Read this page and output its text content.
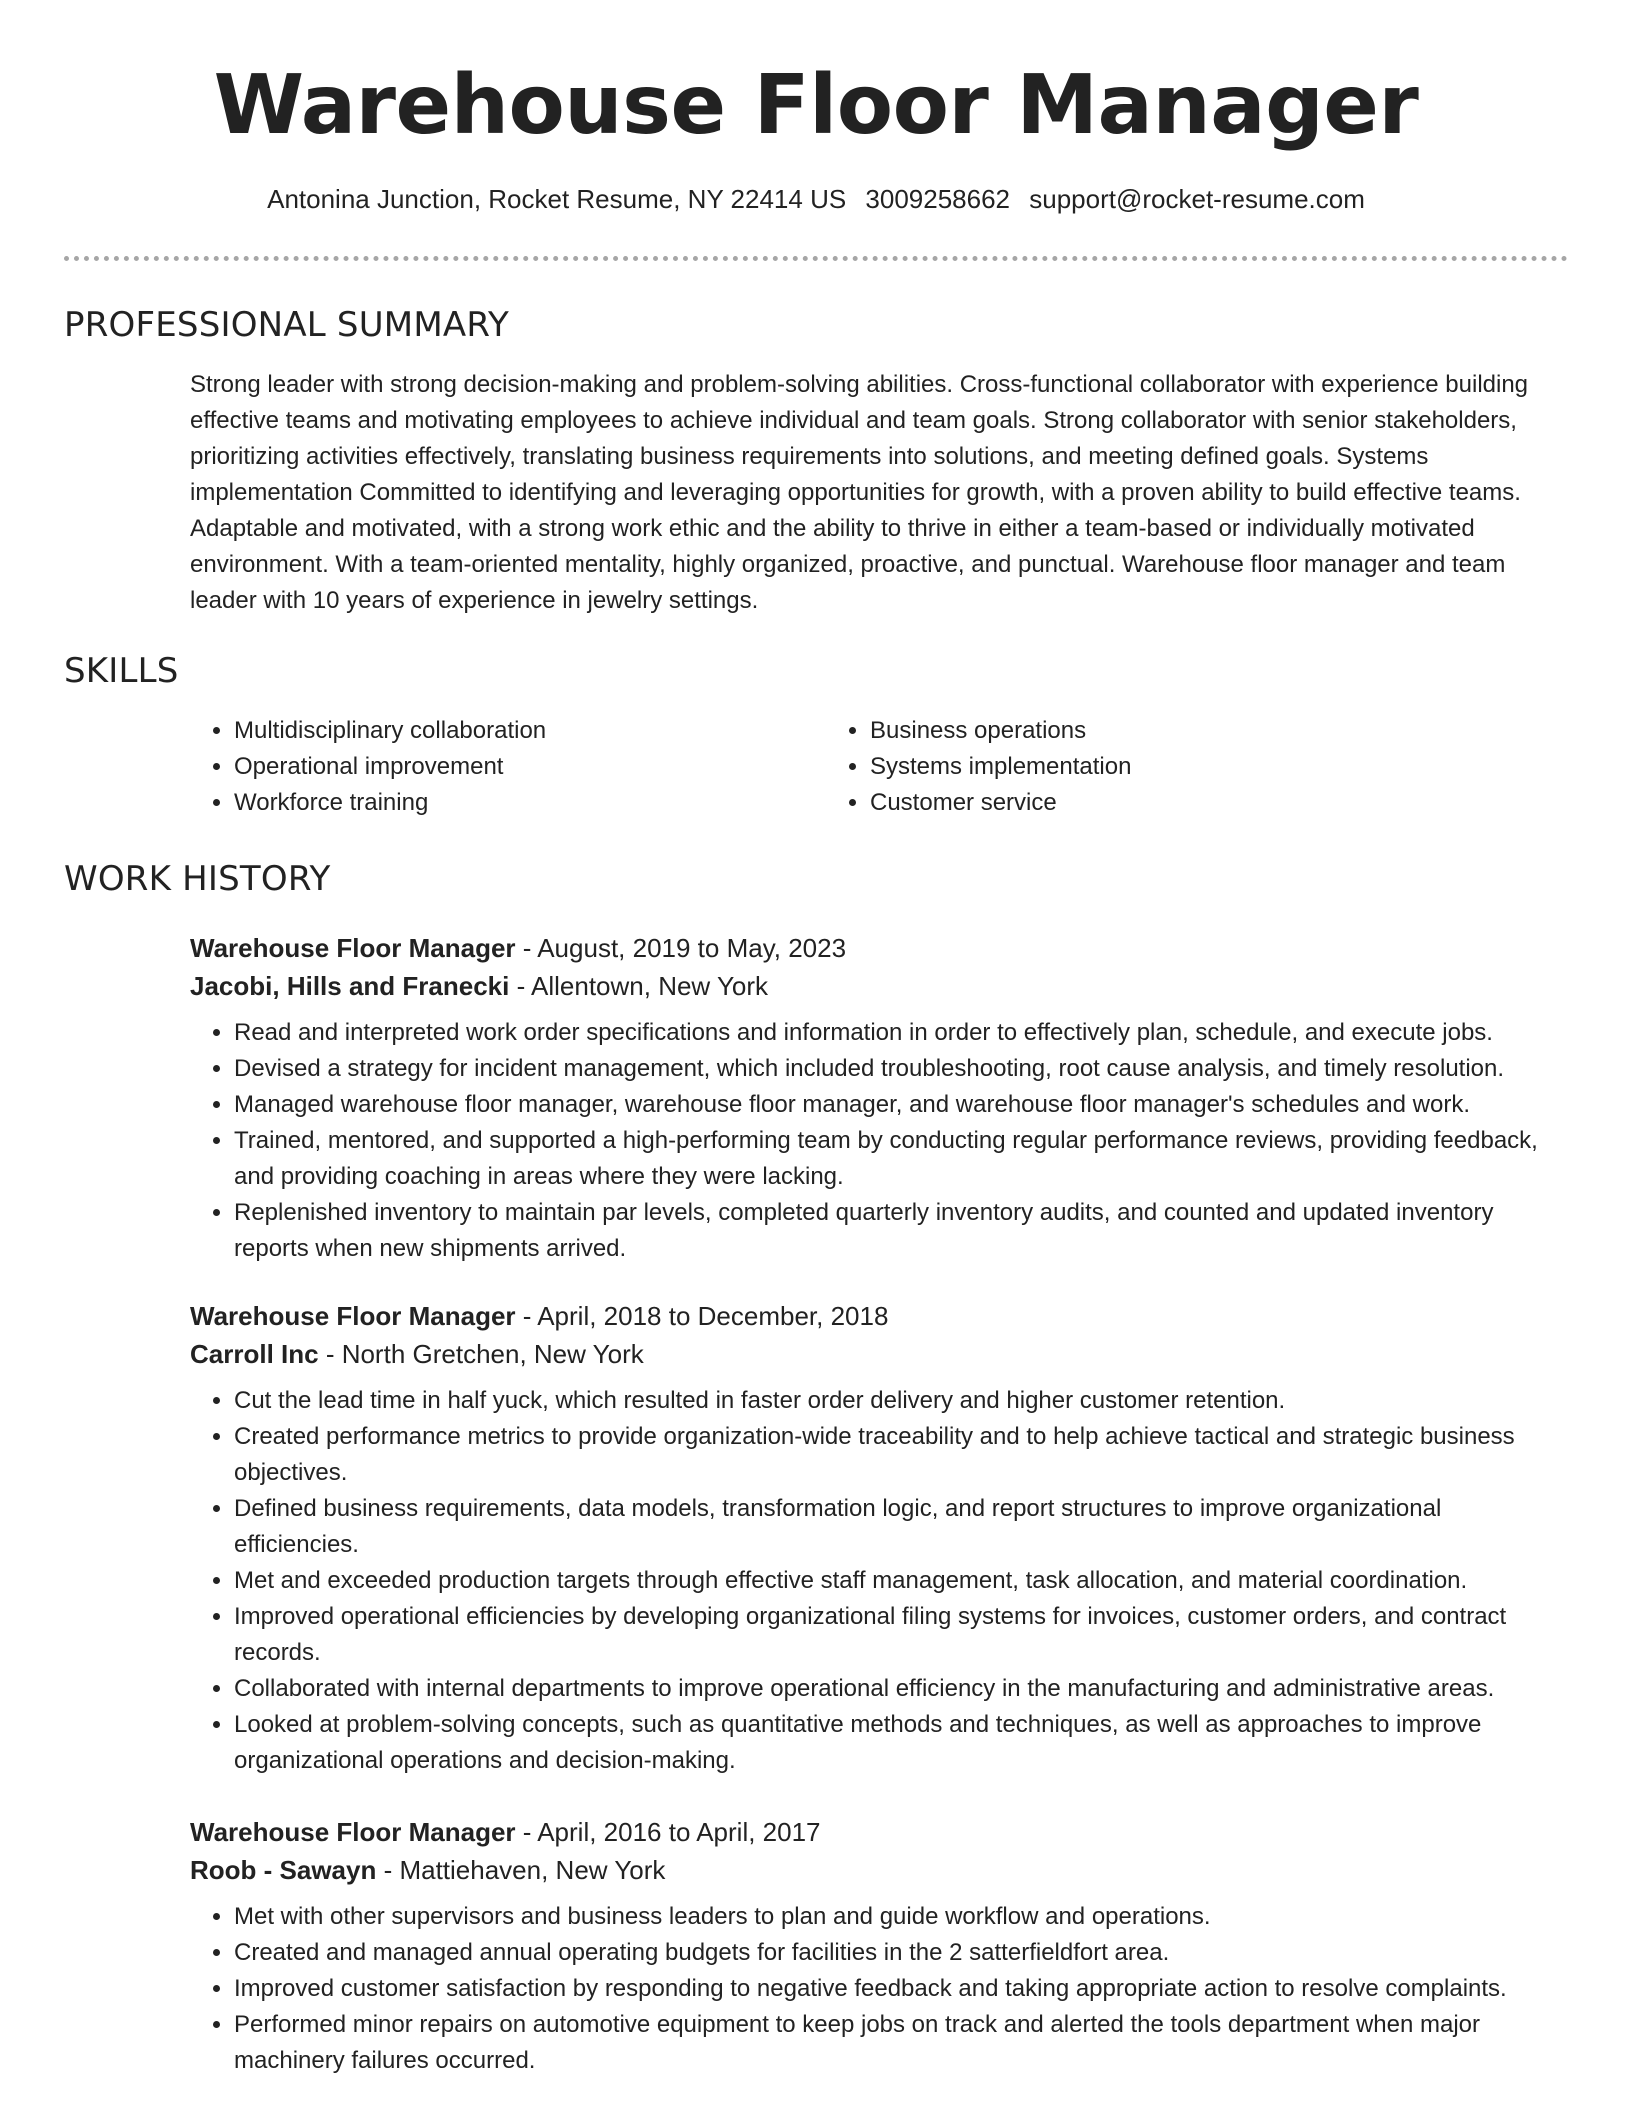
Warehouse Floor Manager
Antonina Junction, Rocket Resume, NY 22414 US 3009258662 support@rocket-resume.com
PROFESSIONAL SUMMARY

Strong leader with strong decision-making and problem-solving abilities. Cross-functional collaborator with experience building effective teams and motivating employees to achieve individual and team goals. Strong collaborator with senior stakeholders, prioritizing activities effectively, translating business requirements into solutions, and meeting defined goals. Systems implementation Committed to identifying and leveraging opportunities for growth, with a proven ability to build effective teams. Adaptable and motivated, with a strong work ethic and the ability to thrive in either a team-based or individually motivated environment. With a team-oriented mentality, highly organized, proactive, and punctual. Warehouse floor manager and team leader with 10 years of experience in jewelry settings.

SKILLS
• Multidisciplinary collaboration
• Operational improvement
• Workforce training
• Business operations
• Systems implementation
• Customer service
WORK HISTORY
Warehouse Floor Manager - August, 2019 to May, 2023
Jacobi, Hills and Franecki - Allentown, New York
• Read and interpreted work order specifications and information in order to effectively plan, schedule, and execute jobs.
• Devised a strategy for incident management, which included troubleshooting, root cause analysis, and timely resolution.
• Managed warehouse floor manager, warehouse floor manager, and warehouse floor manager's schedules and work.
• Trained, mentored, and supported a high-performing team by conducting regular performance reviews, providing feedback, and providing coaching in areas where they were lacking.
• Replenished inventory to maintain par levels, completed quarterly inventory audits, and counted and updated inventory reports when new shipments arrived.
Warehouse Floor Manager - April, 2018 to December, 2018
Carroll Inc - North Gretchen, New York
• Cut the lead time in half yuck, which resulted in faster order delivery and higher customer retention.
• Created performance metrics to provide organization-wide traceability and to help achieve tactical and strategic business objectives.
• Defined business requirements, data models, transformation logic, and report structures to improve organizational efficiencies.
• Met and exceeded production targets through effective staff management, task allocation, and material coordination.
• Improved operational efficiencies by developing organizational filing systems for invoices, customer orders, and contract records.
• Collaborated with internal departments to improve operational efficiency in the manufacturing and administrative areas.
• Looked at problem-solving concepts, such as quantitative methods and techniques, as well as approaches to improve organizational operations and decision-making.
Warehouse Floor Manager - April, 2016 to April, 2017
Roob - Sawayn - Mattiehaven, New York
• Met with other supervisors and business leaders to plan and guide workflow and operations.
• Created and managed annual operating budgets for facilities in the 2 satterfieldfort area.
• Improved customer satisfaction by responding to negative feedback and taking appropriate action to resolve complaints.
• Performed minor repairs on automotive equipment to keep jobs on track and alerted the tools department when major machinery failures occurred.
